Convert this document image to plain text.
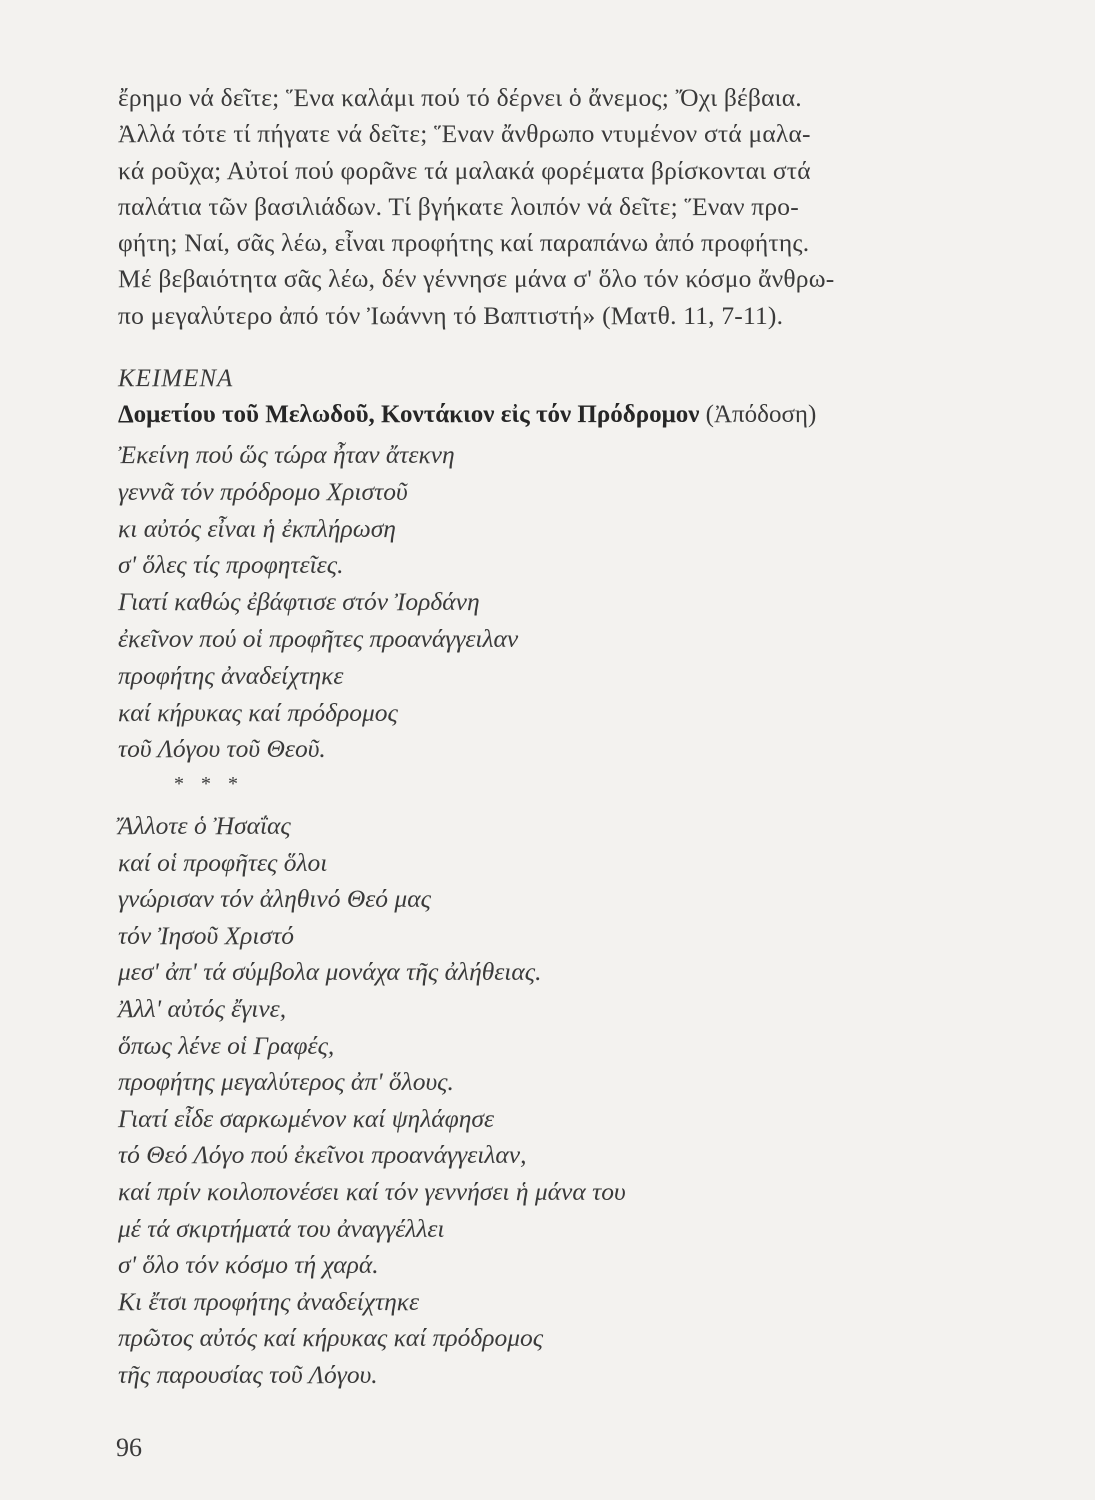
ἔρημο νά δεῖτε; Ἕνα καλάμι πού τό δέρνει ὁ ἄνεμος; Ὄχι βέβαια.
Ἀλλά τότε τί πήγατε νά δεῖτε; Ἕναν ἄνθρωπο ντυμένον στά μαλα-
κά ροῦχα; Αὐτοί πού φορᾶνε τά μαλακά φορέματα βρίσκονται στά
παλάτια τῶν βασιλιάδων. Τί βγήκατε λοιπόν νά δεῖτε; Ἕναν προ-
φήτη; Ναί, σᾶς λέω, εἶναι προφήτης καί παραπάνω ἀπό προφήτης.
Μέ βεβαιότητα σᾶς λέω, δέν γέννησε μάνα σ' ὅλο τόν κόσμο ἄνθρω-
πο μεγαλύτερο ἀπό τόν Ἰωάννη τό Βαπτιστή» (Ματθ. 11, 7-11).

ΚΕΙΜΕΝΑ

Δομετίου τοῦ Μελωδοῦ, Κοντάκιον εἰς τόν Πρόδρομον (Ἀπόδοση)

Ἐκείνη πού ὥς τώρα ἦταν ἄτεκνη
γεννᾶ τόν πρόδρομο Χριστοῦ
κι αὐτός εἶναι ἡ ἐκπλήρωση
σ' ὅλες τίς προφητεῖες.
Γιατί καθώς ἐβάφτισε στόν Ἰορδάνη
ἐκεῖνον πού οἱ προφῆτες προανάγγειλαν
προφήτης ἀναδείχτηκε
καί κήρυκας καί πρόδρομος
τοῦ Λόγου τοῦ Θεοῦ.

* * *

Ἄλλοτε ὁ Ἠσαΐας
καί οἱ προφῆτες ὅλοι
γνώρισαν τόν ἀληθινό Θεό μας
τόν Ἰησοῦ Χριστό
μεσ' ἀπ' τά σύμβολα μονάχα τῆς ἀλήθειας.
Ἀλλ' αὐτός ἔγινε,
ὅπως λένε οἱ Γραφές,
προφήτης μεγαλύτερος ἀπ' ὅλους.
Γιατί εἶδε σαρκωμένον καί ψηλάφησε
τό Θεό Λόγο πού ἐκεῖνοι προανάγγειλαν,
καί πρίν κοιλοπονέσει καί τόν γεννήσει ἡ μάνα του
μέ τά σκιρτήματά του ἀναγγέλλει
σ' ὅλο τόν κόσμο τή χαρά.
Κι ἔτσι προφήτης ἀναδείχτηκε
πρῶτος αὐτός καί κήρυκας καί πρόδρομος
τῆς παρουσίας τοῦ Λόγου.

96
